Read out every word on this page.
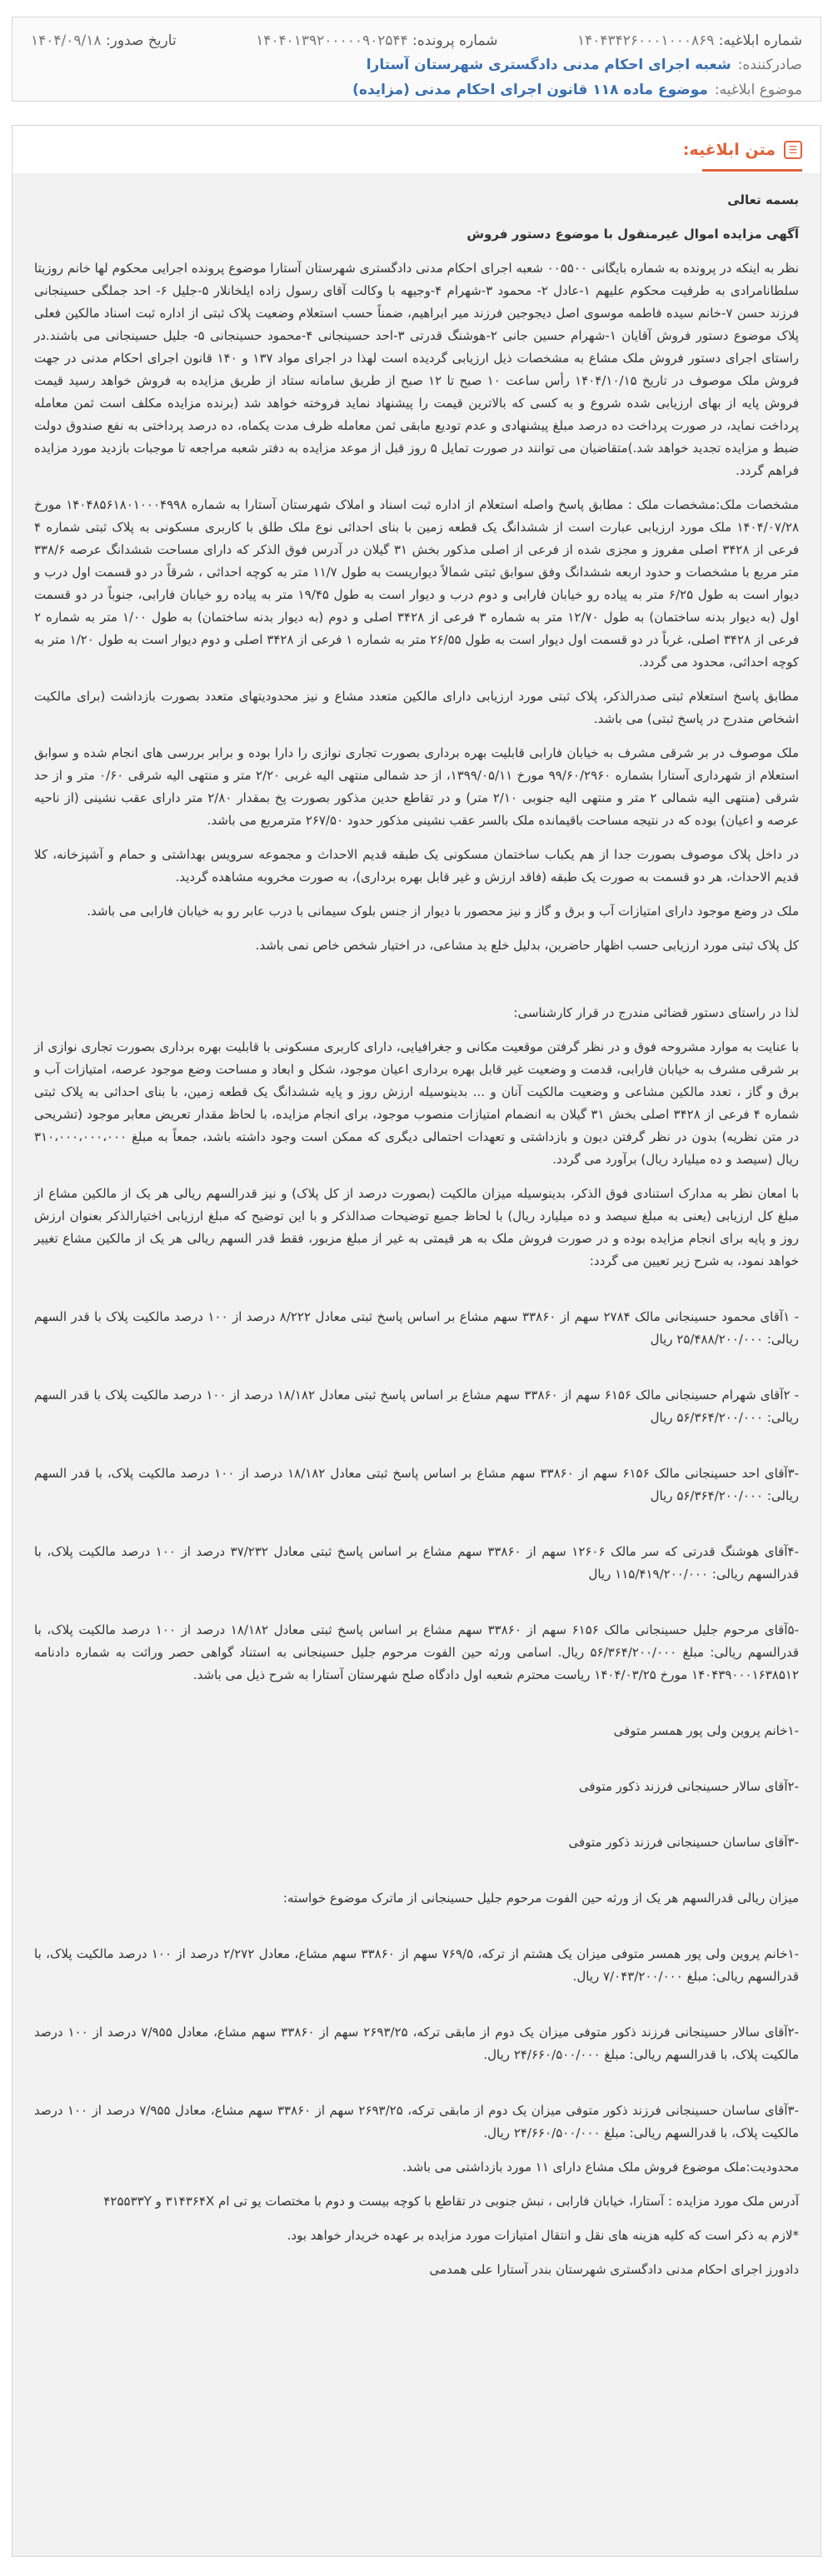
شماره ابلاغیه: ۱۴۰۴۳۴۲۶۰۰۰۱۰۰۰۸۶۹
شماره پرونده: ۱۴۰۴۰۱۳۹۲۰۰۰۰۰۹۰۲۵۴۴
تاریخ صدور: ۱۴۰۴/۰۹/۱۸
صادرکننده:
شعبه اجرای احکام مدنی دادگستری شهرستان آستارا
موضوع ابلاغیه:
موضوع ماده ۱۱۸ قانون اجرای احکام مدنی (مزایده)
☰
متن ابلاغیه:

بسمه تعالی

آگهی مزایده اموال غیرمنقول با موضوع دستور فروش

نظر به اینکه در پرونده به شماره بایگانی ۰۰۵۵۰۰ شعبه اجرای احکام مدنی دادگستری شهرستان آستارا موضوع پرونده اجرایی محکوم لها خانم روزیتا سلطانامرادی به طرفیت محکوم علیهم ۱-عادل ۲- محمود ۳-شهرام ۴-وجیهه با وکالت آقای رسول زاده ایلخانلار ۵-جلیل ۶- احد جملگی حسینجانی فرزند حسن ۷-خانم سیده فاطمه موسوی اصل دیجوجین فرزند میر ابراهیم، ضمناً حسب استعلام وضعیت پلاک ثبتی از اداره ثبت اسناد مالکین فعلی پلاک موضوع دستور فروش آقایان ۱-شهرام حسین جانی ۲-هوشنگ قدرتی ۳-احد حسینجانی ۴-محمود حسینجانی ۵- جلیل حسینجانی می باشند.در راستای اجرای دستور فروش ملک مشاع به مشخصات ذیل ارزیابی گردیده است لهذا در اجرای مواد ۱۳۷ و ۱۴۰ قانون اجرای احکام مدنی در جهت فروش ملک موصوف در تاریخ ۱۴۰۴/۱۰/۱۵ رأس ساعت ۱۰ صبح تا ۱۲ صبح از طریق سامانه ستاد از طریق مزایده به فروش خواهد رسید قیمت فروش پایه از بهای ارزیابی شده شروع و به کسی که بالاترین قیمت را پیشنهاد نماید فروخته خواهد شد (برنده مزایده مکلف است ثمن معامله پرداخت نماید، در صورت پرداخت ده درصد مبلغ پیشنهادی و عدم تودیع مابقی ثمن معامله ظرف مدت یکماه، ده درصد پرداختی به نفع صندوق دولت ضبط و مزایده تجدید خواهد شد.)متقاضیان می توانند در صورت تمایل ۵ روز قبل از موعد مزایده به دفتر شعبه مراجعه تا موجبات بازدید مورد مزایده فراهم گردد.

مشخصات ملک:مشخصات ملک : مطابق پاسخ واصله استعلام از اداره ثبت اسناد و املاک شهرستان آستارا به شماره ۱۴۰۴۸۵۶۱۸۰۱۰۰۰۴۹۹۸ مورخ ۱۴۰۴/۰۷/۲۸ ملک مورد ارزیابی عبارت است از ششدانگ یک قطعه زمین با بنای احداثی نوع ملک طلق با کاربری مسکونی به پلاک ثبتی شماره ۴ فرعی از ۳۴۲۸ اصلی مفروز و مجزی شده از فرعی از اصلی مذکور بخش ۳۱ گیلان در آدرس فوق الذکر که دارای مساحت ششدانگ عرصه ۳۳۸/۶ متر مربع با مشخصات و حدود اربعه ششدانگ وفق سوابق ثبتی شمالاً دیواریست به طول ۱۱/۷ متر به کوچه احداثی ، شرقاً در دو قسمت اول درب و دیوار است به طول ۶/۲۵ متر به پیاده رو خیابان فارابی و دوم درب و دیوار است به طول ۱۹/۴۵ متر به پیاده رو خیابان فارابی، جنوباً در دو قسمت اول (به دیوار بدنه ساختمان) به طول ۱۲/۷۰ متر به شماره ۳ فرعی از ۳۴۲۸ اصلی و دوم (به دیوار بدنه ساختمان) به طول ۱/۰۰ متر به شماره ۲ فرعی از ۳۴۲۸ اصلی، غرباً در دو قسمت اول دیوار است به طول ۲۶/۵۵ متر به شماره ۱ فرعی از ۳۴۲۸ اصلی و دوم دیوار است به طول ۱/۲۰ متر به کوچه احداثی، محدود می گردد.

مطابق پاسخ استعلام ثبتی صدرالذکر، پلاک ثبتی مورد ارزیابی دارای مالکین متعدد مشاع و نیز محدودیتهای متعدد بصورت بازداشت (برای مالکیت اشخاص مندرج در پاسخ ثبتی) می باشد.

ملک موصوف در بر شرقی مشرف به خیابان فارابی قابلیت بهره برداری بصورت تجاری نوازی را دارا بوده و برابر بررسی های انجام شده و سوابق استعلام از شهرداری آستارا بشماره ۹۹/۶۰/۲۹۶۰ مورخ ۱۳۹۹/۰۵/۱۱، از حد شمالی منتهی الیه غربی ۲/۲۰ متر و منتهی الیه شرقی ۰/۶۰ متر و از حد شرقی (منتهی الیه شمالی ۲ متر و منتهی الیه جنوبی ۲/۱۰ متر) و در تقاطع حدین مذکور بصورت پخ بمقدار ۲/۸۰ متر دارای عقب نشینی (از ناحیه عرصه و اعیان) بوده که در نتیجه مساحت باقیمانده ملک بالسر عقب نشینی مذکور حدود ۲۶۷/۵۰ مترمربع می باشد.

در داخل پلاک موصوف بصورت جدا از هم یکباب ساختمان مسکونی یک طبقه قدیم الاحداث و مجموعه سرویس بهداشتی و حمام و آشپزخانه، کلا قدیم الاحداث، هر دو قسمت به صورت یک طبقه (فاقد ارزش و غیر قابل بهره برداری)، به صورت مخروبه مشاهده گردید.

ملک در وضع موجود دارای امتیازات آب و برق و گاز و نیز محصور با دیوار از جنس بلوک سیمانی با درب عابر رو به خیابان فارابی می باشد.

کل پلاک ثبتی مورد ارزیابی حسب اظهار حاضرین، بدلیل خلع ید مشاعی، در اختیار شخص خاص نمی باشد.

لذا در راستای دستور قضائی مندرج در قرار کارشناسی:

با عنایت به موارد مشروحه فوق و در نظر گرفتن موقعیت مکانی و جغرافیایی، دارای کاربری مسکونی با قابلیت بهره برداری بصورت تجاری نوازی از بر شرقی مشرف به خیابان فارابی، قدمت و وضعیت غیر قابل بهره برداری اعیان موجود، شکل و ابعاد و مساحت وضع موجود عرصه، امتیازات آب و برق و گاز ، تعدد مالکین مشاعی و وضعیت مالکیت آنان و ... بدینوسیله ارزش روز و پایه ششدانگ یک قطعه زمین، با بنای احداثی به پلاک ثبتی شماره ۴ فرعی از ۳۴۲۸ اصلی بخش ۳۱ گیلان به انضمام امتیازات منصوب موجود، برای انجام مزایده، با لحاظ مقدار تعریض معابر موجود (تشریحی در متن نظریه) بدون در نظر گرفتن دیون و بازداشتی و تعهدات احتمالی دیگری که ممکن است وجود داشته باشد، جمعاً به مبلغ ۳۱۰،۰۰۰،۰۰۰،۰۰۰ ریال (سیصد و ده میلیارد ریال) برآورد می گردد.

با امعان نظر به مدارک استنادی فوق الذکر، بدینوسیله میزان مالکیت (بصورت درصد از کل پلاک) و نیز قدرالسهم ریالی هر یک از مالکین مشاع از مبلغ کل ارزیابی (یعنی به مبلغ سیصد و ده میلیارد ریال) با لحاظ جمیع توضیحات صدالذکر و با این توضیح که مبلغ ارزیابی اختیارالذکر بعنوان ارزش روز و پایه برای انجام مزایده بوده و در صورت فروش ملک به هر قیمتی به غیر از مبلغ مزبور، فقط قدر السهم ریالی هر یک از مالکین مشاع تغییر خواهد نمود، به شرح زیر تعیین می گردد:

- ۱آقای محمود حسینجانی مالک ۲۷۸۴ سهم از ۳۳۸۶۰ سهم مشاع بر اساس پاسخ ثبتی معادل ۸/۲۲۲ درصد از ۱۰۰ درصد مالکیت پلاک با قدر السهم ریالی: ۲۵/۴۸۸/۲۰۰/۰۰۰ ریال

- ۲آقای شهرام حسینجانی مالک ۶۱۵۶ سهم از ۳۳۸۶۰ سهم مشاع بر اساس پاسخ ثبتی معادل ۱۸/۱۸۲ درصد از ۱۰۰ درصد مالکیت پلاک با قدر السهم ریالی: ۵۶/۳۶۴/۲۰۰/۰۰۰ ریال

-۳آقای احد حسینجانی مالک ۶۱۵۶ سهم از ۳۳۸۶۰ سهم مشاع بر اساس پاسخ ثبتی معادل ۱۸/۱۸۲ درصد از ۱۰۰ درصد مالکیت پلاک، با قدر السهم ریالی: ۵۶/۳۶۴/۲۰۰/۰۰۰ ریال

-۴آقای هوشنگ قدرتی که سر مالک ۱۲۶۰۶ سهم از ۳۳۸۶۰ سهم مشاع بر اساس پاسخ ثبتی معادل ۳۷/۲۳۲ درصد از ۱۰۰ درصد مالکیت پلاک، با قدرالسهم ریالی: ۱۱۵/۴۱۹/۲۰۰/۰۰۰ ریال

-۵آقای مرحوم جلیل حسینجانی مالک ۶۱۵۶ سهم از ۳۳۸۶۰ سهم مشاع بر اساس پاسخ ثبتی معادل ۱۸/۱۸۲ درصد از ۱۰۰ درصد مالکیت پلاک، با قدرالسهم ریالی: مبلغ ۵۶/۳۶۴/۲۰۰/۰۰۰ ریال. اسامی ورثه حین الفوت مرحوم جلیل حسینجانی به استناد گواهی حصر وراثت به شماره دادنامه ۱۴۰۴۳۹۰۰۰۱۶۳۸۵۱۲ مورخ ۱۴۰۴/۰۳/۲۵ ریاست محترم شعبه اول دادگاه صلح شهرستان آستارا به شرح ذیل می باشد.

-۱خانم پروین ولی پور همسر متوفی

-۲آقای سالار حسینجانی فرزند ذکور متوفی

-۳آقای ساسان حسینجانی فرزند ذکور متوفی

میزان ریالی قدرالسهم هر یک از ورثه حین الفوت مرحوم جلیل حسینجانی از ماترک موضوع خواسته:

-۱خانم پروین ولی پور همسر متوفی میزان یک هشتم از ترکه، ۷۶۹/۵ سهم از ۳۳۸۶۰ سهم مشاع، معادل ۲/۲۷۲ درصد از ۱۰۰ درصد مالکیت پلاک، با قدرالسهم ریالی: مبلغ ۷/۰۴۳/۲۰۰/۰۰۰ ریال.

-۲آقای سالار حسینجانی فرزند ذکور متوفی میزان یک دوم از مابقی ترکه، ۲۶۹۳/۲۵ سهم از ۳۳۸۶۰ سهم مشاع، معادل ۷/۹۵۵ درصد از ۱۰۰ درصد مالکیت پلاک، با قدرالسهم ریالی: مبلغ ۲۴/۶۶۰/۵۰۰/۰۰۰ ریال.

-۳آقای ساسان حسینجانی فرزند ذکور متوفی میزان یک دوم از مابقی ترکه، ۲۶۹۳/۲۵ سهم از ۳۳۸۶۰ سهم مشاع، معادل ۷/۹۵۵ درصد از ۱۰۰ درصد مالکیت پلاک، با قدرالسهم ریالی: مبلغ ۲۴/۶۶۰/۵۰۰/۰۰۰ ریال.

محدودیت:ملک موضوع فروش ملک مشاع دارای ۱۱ مورد بازداشتی می باشد.

آدرس ملک مورد مزایده : آستارا، خیابان فارابی ، نبش جنوبی در تقاطع با کوچه بیست و دوم با مختصات یو تی ام ۳۱۴۳۶۴X و ۴۲۵۵۳۳Y

*لازم به ذکر است که کلیه هزینه های نقل و انتقال امتیازات مورد مزایده بر عهده خریدار خواهد بود.

دادورز اجرای احکام مدنی دادگستری شهرستان بندر آستارا علی همدمی
